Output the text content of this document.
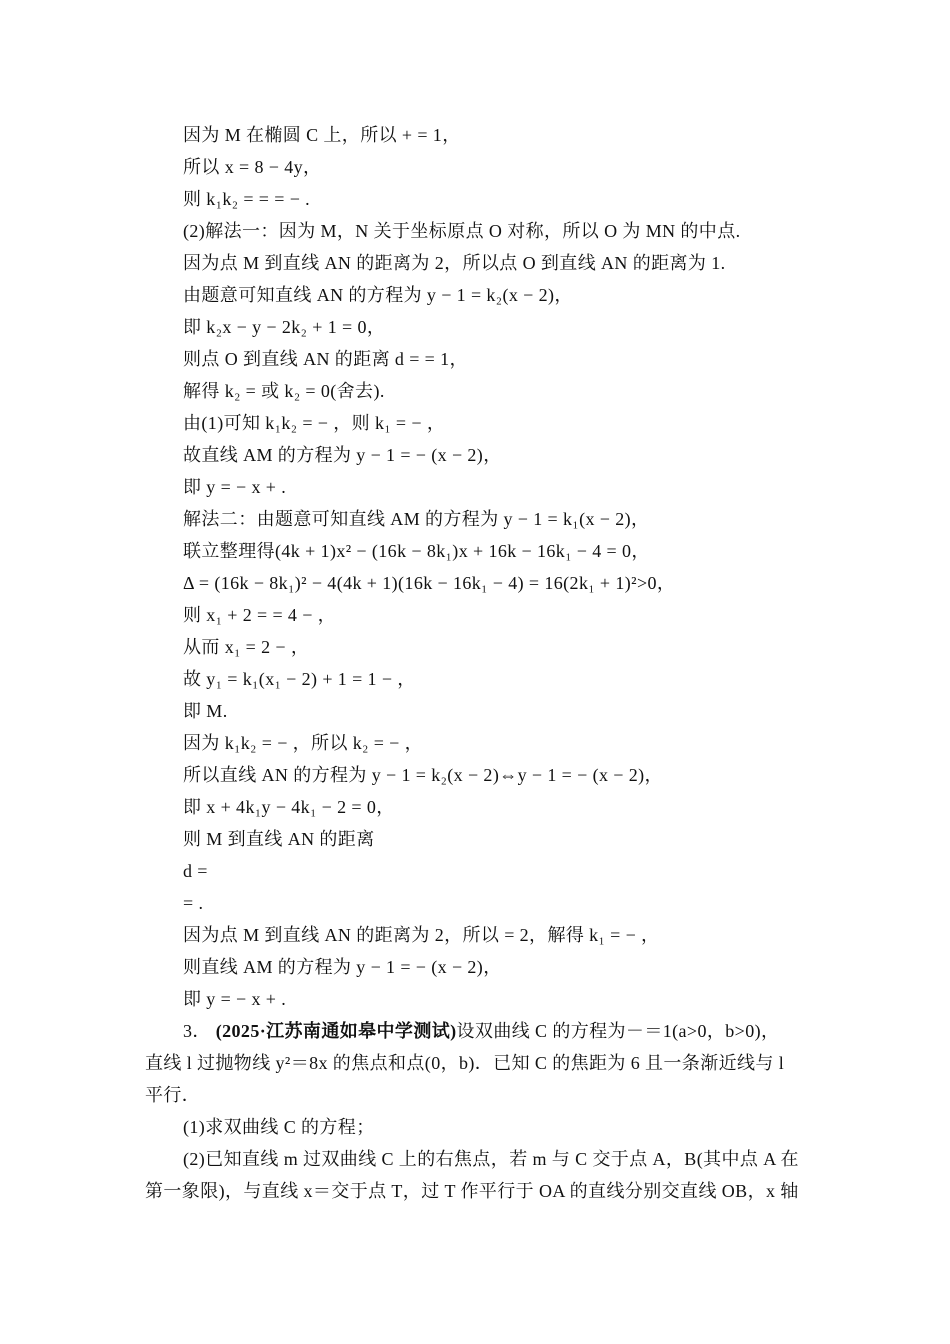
因为 M 在椭圆 C 上，所以 + = 1，
所以 x = 8 − 4y，
则 k₁k₂ = = = − .
(2)解法一：因为 M，N 关于坐标原点 O 对称，所以 O 为 MN 的中点.
因为点 M 到直线 AN 的距离为 2，所以点 O 到直线 AN 的距离为 1.
由题意可知直线 AN 的方程为 y − 1 = k₂(x − 2)，
即 k₂x − y − 2k₂ + 1 = 0，
则点 O 到直线 AN 的距离 d = = 1，
解得 k₂ = 或 k₂ = 0(舍去).
由(1)可知 k₁k₂ = − ，则 k₁ = − ，
故直线 AM 的方程为 y − 1 = − (x − 2)，
即 y = − x + .
解法二：由题意可知直线 AM 的方程为 y − 1 = k₁(x − 2)，
联立整理得(4k + 1)x² − (16k − 8k₁)x + 16k − 16k₁ − 4 = 0，
Δ = (16k − 8k₁)² − 4(4k + 1)(16k − 16k₁ − 4) = 16(2k₁ + 1)²>0，
则 x₁ + 2 = = 4 − ，
从而 x₁ = 2 − ，
故 y₁ = k₁(x₁ − 2) + 1 = 1 − ，
即 M.
因为 k₁k₂ = − ，所以 k₂ = − ，
所以直线 AN 的方程为 y − 1 = k₂(x − 2)⇔y − 1 = − (x − 2)，
即 x + 4k₁y − 4k₁ − 2 = 0，
则 M 到直线 AN 的距离
d =
= .
因为点 M 到直线 AN 的距离为 2，所以 = 2，解得 k₁ = − ，
则直线 AM 的方程为 y − 1 = − (x − 2)，
即 y = − x + .
3． (2025·江苏南通如皋中学测试)设双曲线 C 的方程为－＝1(a>0，b>0)，
直线 l 过抛物线 y²＝8x 的焦点和点(0，b)．已知 C 的焦距为 6 且一条渐近线与 l
平行．
(1)求双曲线 C 的方程；
(2)已知直线 m 过双曲线 C 上的右焦点，若 m 与 C 交于点 A，B(其中点 A 在
第一象限)，与直线 x＝交于点 T，过 T 作平行于 OA 的直线分别交直线 OB，x 轴
